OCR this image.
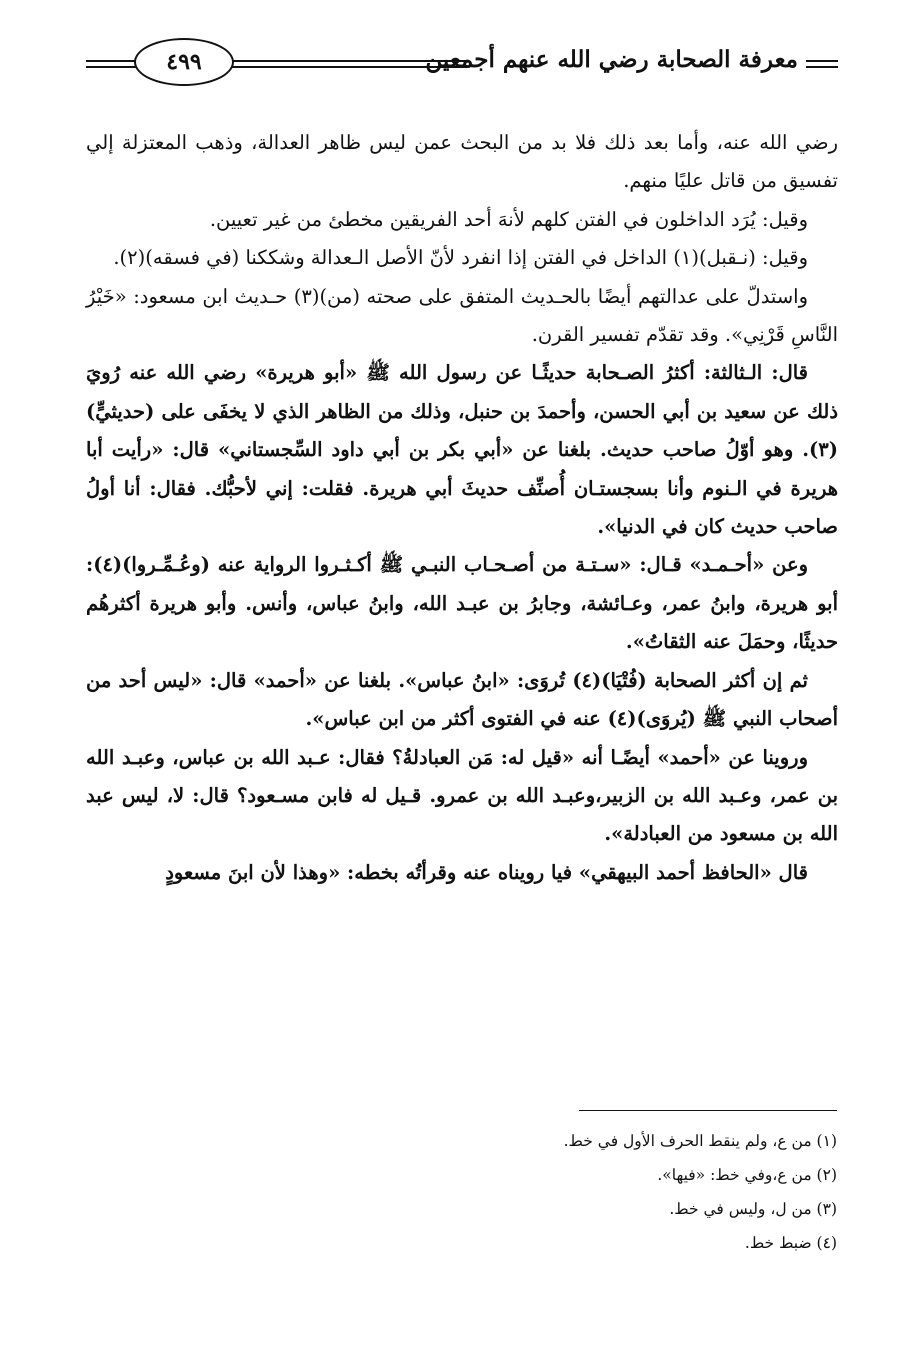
معرفة الصحابة رضي الله عنهم أجمعين
٤٩٩

رضي الله عنه، وأما بعد ذلك فلا بد من البحث عمن ليس ظاهر العدالة، وذهب المعتزلة إلي تفسيق من قاتل عليًا منهم.

وقيل: يُرَد الداخلون في الفتن كلهم لأنهَ أحد الفريقين مخطئ من غير تعيين.

وقيل: (نـقبل)(١) الداخل في الفتن إذا انفرد لأنّ الأصل الـعدالة وشككنا (في فسقه)(٢).

واستدلّ على عدالتهم أيضًا بالحـديث المتفق على صحته (من)(٣) حـديث ابن مسعود: «خَيْرُ النَّاسِ قَرْنِي». وقد تقدّم تفسير القرن.

قال: الـثالثة: أكثرُ الصـحابة حديثًـا عن رسول الله ﷺ «أبو هريرة» رضي الله عنه رُويَ ذلك عن سعيد بن أبي الحسن، وأحمدَ بن حنبل، وذلك من الظاهر الذي لا يخفَى على (حديثيٍّ)(٣). وهو أوّلُ صاحب حديث. بلغنا عن «أبي بكر بن أبي داود السِّجستاني» قال: «رأيت أبا هريرة في الـنوم وأنا بسجستـان أُصنِّف حديثَ أبي هريرة. فقلت: إني لأحبُّك. فقال: أنا أولُ صاحب حديث كان في الدنيا».

وعن «أحـمـد» قـال: «سـتـة من أصـحـاب النبـي ﷺ أكـثـروا الرواية عنه (وعُـمِّـروا)(٤): أبو هريرة، وابنُ عمر، وعـائشة، وجابرُ بن عبـد الله، وابنُ عباس، وأنس. وأبو هريرة أكثرهُم حديثًا، وحمَلَ عنه الثقاتُ».

ثم إن أكثر الصحابة (فُتْيَا)(٤) تُروَى: «ابنُ عباس». بلغنا عن «أحمد» قال: «ليس أحد من أصحاب النبي ﷺ (يُروَى)(٤) عنه في الفتوى أكثر من ابن عباس».

وروينا عن «أحمد» أيضًـا أنه «قيل له: مَن العبادلةُ؟ فقال: عـبد الله بن عباس، وعبـد الله بن عمر، وعـبد الله بن الزبير،وعبـد الله بن عمرو. قـيل له فابن مسـعود؟ قال: لا، ليس عبد الله بن مسعود من العبادلة».

قال «الحافظ أحمد البيهقي» فيا رويناه عنه وقرأتُه بخطه: «وهذا لأن ابنَ مسعودٍ

(١) من ع، ولم ينقط الحرف الأول في خط.

(٢) من ع،وفي خط: «فيها».

(٣) من ل، وليس في خط.

(٤) ضبط خط.
